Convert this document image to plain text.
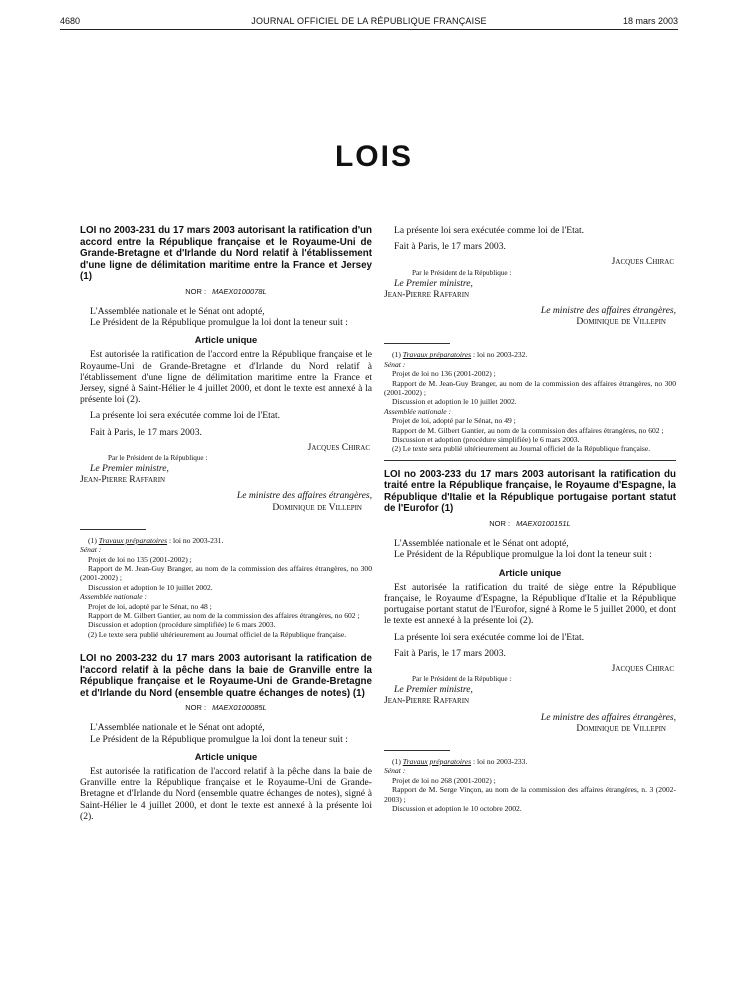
4680	JOURNAL OFFICIEL DE LA RÉPUBLIQUE FRANÇAISE	18 mars 2003
LOIS
LOI no 2003-231 du 17 mars 2003 autorisant la ratification d'un accord entre la République française et le Royaume-Uni de Grande-Bretagne et d'Irlande du Nord relatif à l'établissement d'une ligne de délimitation maritime entre la France et Jersey (1)
NOR : MAEX0100078L

L'Assemblée nationale et le Sénat ont adopté,

Le Président de la République promulgue la loi dont la teneur suit :

Article unique

Est autorisée la ratification de l'accord entre la République française et le Royaume-Uni de Grande-Bretagne et d'Irlande du Nord relatif à l'établissement d'une ligne de délimitation maritime entre la France et Jersey, signé à Saint-Hélier le 4 juillet 2000, et dont le texte est annexé à la présente loi (2).

La présente loi sera exécutée comme loi de l'Etat.

Fait à Paris, le 17 mars 2003.

Jacques Chirac
Par le Président de la République :
Le Premier ministre,
Jean-Pierre Raffarin
Le ministre des affaires étrangères,
Dominique de Villepin

(1) Travaux préparatoires : loi no 2003-231.

Sénat :

Projet de loi no 135 (2001-2002) ;

Rapport de M. Jean-Guy Branger, au nom de la commission des affaires étrangères, no 300 (2001-2002) ;

Discussion et adoption le 10 juillet 2002.

Assemblée nationale :

Projet de loi, adopté par le Sénat, no 48 ;

Rapport de M. Gilbert Gantier, au nom de la commission des affaires étrangères, no 602 ;

Discussion et adoption (procédure simplifiée) le 6 mars 2003.

(2) Le texte sera publié ultérieurement au Journal officiel de la République française.

LOI no 2003-232 du 17 mars 2003 autorisant la ratification de l'accord relatif à la pêche dans la baie de Granville entre la République française et le Royaume-Uni de Grande-Bretagne et d'Irlande du Nord (ensemble quatre échanges de notes) (1)
NOR : MAEX0100085L

L'Assemblée nationale et le Sénat ont adopté,

Le Président de la République promulgue la loi dont la teneur suit :

Article unique

Est autorisée la ratification de l'accord relatif à la pêche dans la baie de Granville entre la République française et le Royaume-Uni de Grande-Bretagne et d'Irlande du Nord (ensemble quatre échanges de notes), signé à Saint-Hélier le 4 juillet 2000, et dont le texte est annexé à la présente loi (2).

La présente loi sera exécutée comme loi de l'Etat.

Fait à Paris, le 17 mars 2003.

Jacques Chirac
Par le Président de la République :
Le Premier ministre,
Jean-Pierre Raffarin
Le ministre des affaires étrangères,
Dominique de Villepin

(1) Travaux préparatoires : loi no 2003-232.

Sénat :

Projet de loi no 136 (2001-2002) ;

Rapport de M. Jean-Guy Branger, au nom de la commission des affaires étrangères, no 300 (2001-2002) ;

Discussion et adoption le 10 juillet 2002.

Assemblée nationale :

Projet de loi, adopté par le Sénat, no 49 ;

Rapport de M. Gilbert Gantier, au nom de la commission des affaires étrangères, no 602 ;

Discussion et adoption (procédure simplifiée) le 6 mars 2003.

(2) Le texte sera publié ultérieurement au Journal officiel de la République française.

LOI no 2003-233 du 17 mars 2003 autorisant la ratification du traité entre la République française, le Royaume d'Espagne, la République d'Italie et la République portugaise portant statut de l'Eurofor (1)
NOR : MAEX0100151L

L'Assemblée nationale et le Sénat ont adopté,

Le Président de la République promulgue la loi dont la teneur suit :

Article unique

Est autorisée la ratification du traité de siège entre la République française, le Royaume d'Espagne, la République d'Italie et la République portugaise portant statut de l'Eurofor, signé à Rome le 5 juillet 2000, et dont le texte est annexé à la présente loi (2).

La présente loi sera exécutée comme loi de l'Etat.

Fait à Paris, le 17 mars 2003.

Jacques Chirac
Par le Président de la République :
Le Premier ministre,
Jean-Pierre Raffarin
Le ministre des affaires étrangères,
Dominique de Villepin

(1) Travaux préparatoires : loi no 2003-233.

Sénat :

Projet de loi no 268 (2001-2002) ;

Rapport de M. Serge Vinçon, au nom de la commission des affaires étrangères, n. 3 (2002-2003) ;

Discussion et adoption le 10 octobre 2002.
